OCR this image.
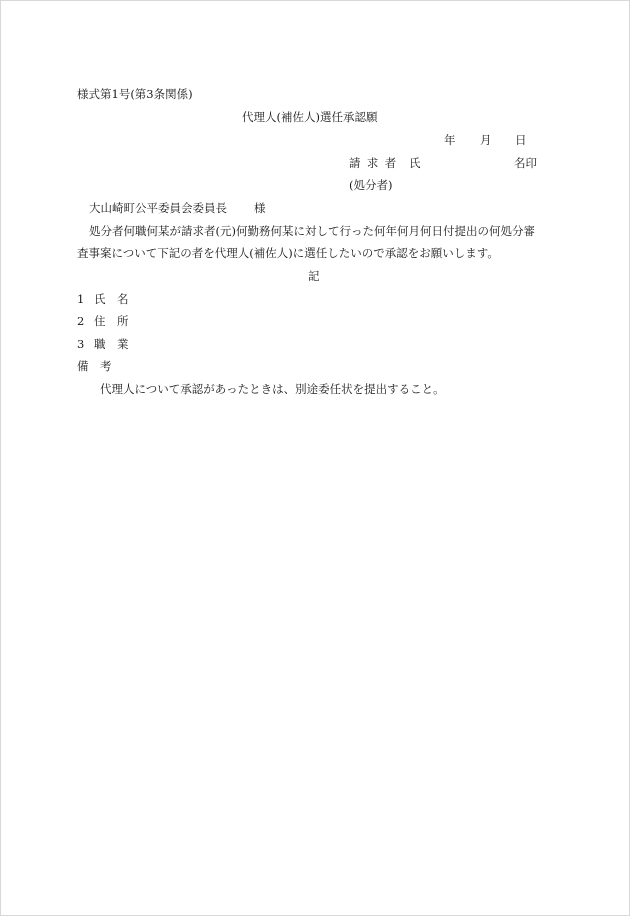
様式第1号(第3条関係)
代理人(補佐人)選任承認願
年 月 日
請求者 氏	名印
(処分者)
大山崎町公平委員会委員長 様
処分者何職何某が請求者(元)何勤務何某に対して行った何年何月何日付提出の何処分審
査事案について下記の者を代理人(補佐人)に選任したいので承認をお願いします。
記
1 氏　名
2 住　所
3 職　業
備　考
代理人について承認があったときは、別途委任状を提出すること。
